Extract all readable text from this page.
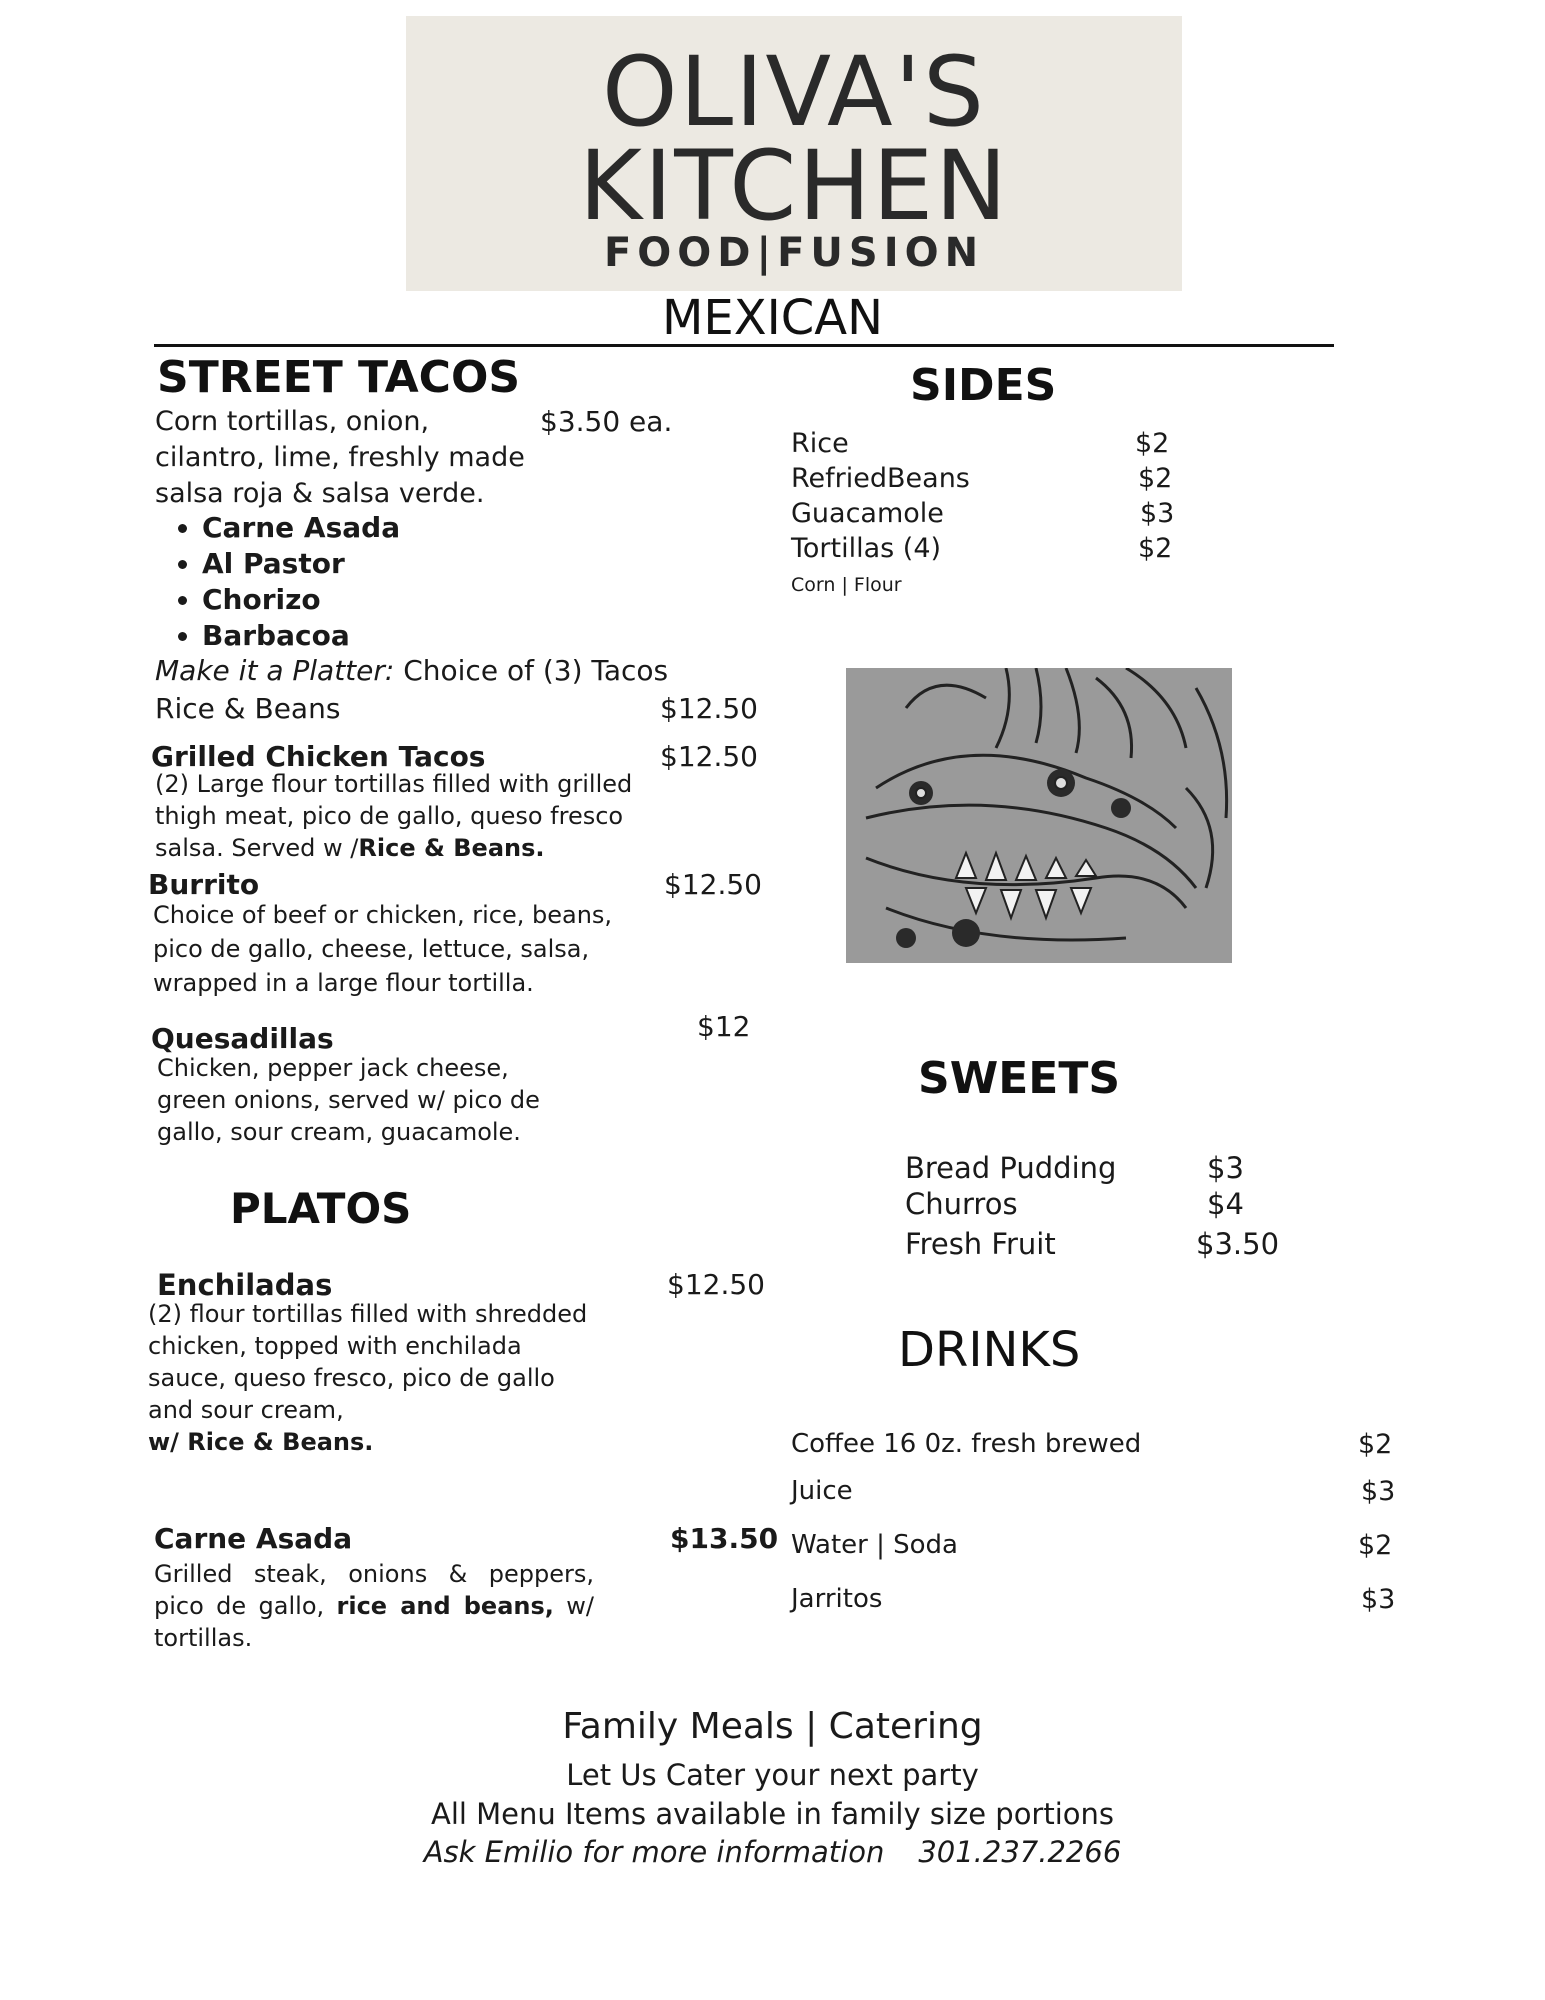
OLIVA'S
KITCHEN
FOOD|FUSION
MEXICAN
STREET TACOS
Corn tortillas, onion,
cilantro, lime, freshly made
salsa roja & salsa verde.
$3.50 ea.
• Carne Asada
• Al Pastor
• Chorizo
• Barbacoa
Make it a Platter: Choice of (3) Tacos
Rice & Beans	$12.50
Grilled Chicken Tacos	$12.50
(2) Large flour tortillas filled with grilled
thigh meat, pico de gallo, queso fresco
salsa. Served w /Rice & Beans.
Burrito	$12.50
Choice of beef or chicken, rice, beans,
pico de gallo, cheese, lettuce, salsa,
wrapped in a large flour tortilla.
Quesadillas	$12
Chicken, pepper jack cheese,
green onions, served w/ pico de
gallo, sour cream, guacamole.
PLATOS
Enchiladas	$12.50
(2) flour tortillas filled with shredded
chicken, topped with enchilada
sauce, queso fresco, pico de gallo
and sour cream,
w/ Rice & Beans.
Carne Asada	$13.50
Grilled steak, onions & peppers,
pico de gallo, rice and beans, w/
tortillas.
SIDES
Rice	$2
RefriedBeans	$2
Guacamole	$3
Tortillas (4)	$2
Corn | Flour
SWEETS
Bread Pudding	$3
Churros	$4
Fresh Fruit	$3.50
DRINKS
Coffee 16 0z. fresh brewed	$2
Juice	$3
Water | Soda	$2
Jarritos	$3
Family Meals | Catering
Let Us Cater your next party
All Menu Items available in family size portions
Ask Emilio for more information 301.237.2266
